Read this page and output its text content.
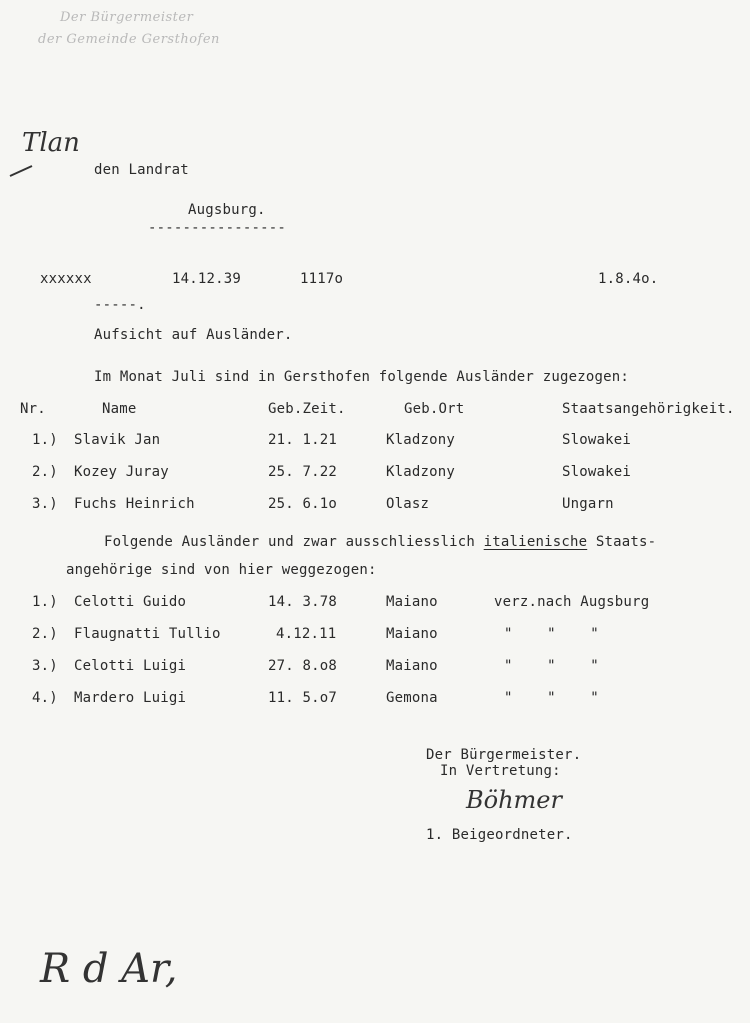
Der Bürgermeister
der Gemeinde Gersthofen
Tlan
den Landrat
Augsburg.
----------------
xxxxxx	14.12.39	1117o	1.8.4o.
-----.
Aufsicht auf Ausländer.
Im Monat Juli sind in Gersthofen folgende Ausländer zugezogen:
Nr.	Name	Geb.Zeit.	Geb.Ort	Staatsangehörigkeit.
1.) Slavik Jan	21. 1.21	Kladzony	Slowakei
2.) Kozey Juray	25. 7.22	Kladzony	Slowakei
3.) Fuchs Heinrich	25. 6.1o	Olasz	Ungarn
Folgende Ausländer und zwar ausschliesslich italienische Staats-
angehörige sind von hier weggezogen:
1.) Celotti Guido	14. 3.78	Maiano	verz.nach Augsburg
2.) Flaugnatti Tullio	4.12.11	Maiano	"    "    "
3.) Celotti Luigi	27. 8.o8	Maiano	"    "    "
4.) Mardero Luigi	11. 5.o7	Gemona	"    "    "
Der Bürgermeister.
In Vertretung:
Böhmer
1. Beigeordneter.
R d Ar,
